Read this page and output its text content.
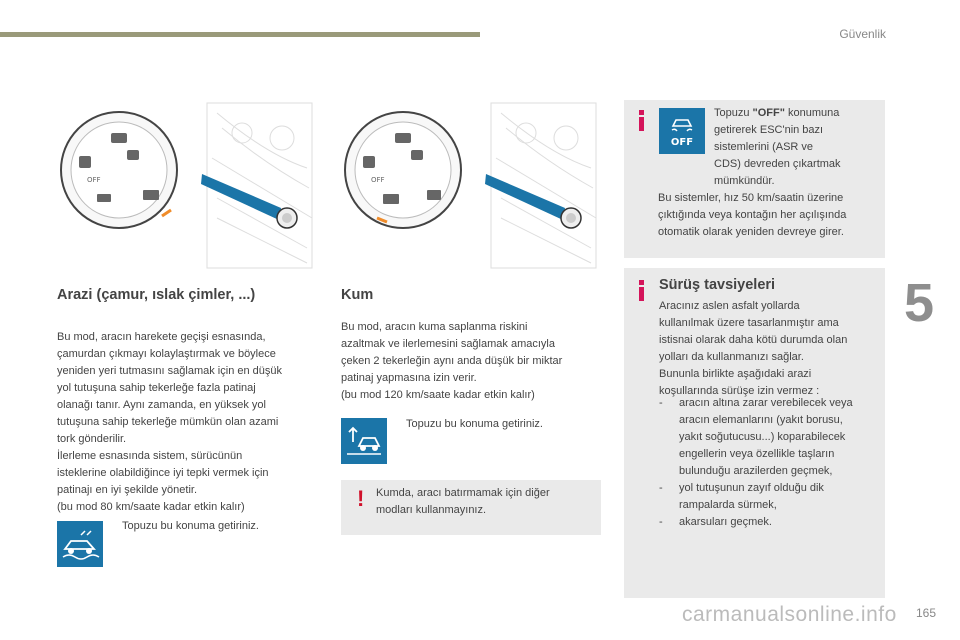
Güvenlik
5
165
carmanualsonline.info
OFF	OFF
Arazi (çamur, ıslak çimler, ...)
Bu mod, aracın harekete geçişi esnasında,
çamurdan çıkmayı kolaylaştırmak ve böylece
yeniden yeri tutmasını sağlamak için en düşük
yol tutuşuna sahip tekerleğe fazla patinaj
olanağı tanır. Aynı zamanda, en yüksek yol
tutuşuna sahip tekerleğe mümkün olan azami
tork gönderilir.
İlerleme esnasında sistem, sürücünün
isteklerine olabildiğince iyi tepki vermek için
patinajı en iyi şekilde yönetir.
(bu mod 80 km/saate kadar etkin kalır)
Topuzu bu konuma getiriniz.
Kum
Bu mod, aracın kuma saplanma riskini
azaltmak ve ilerlemesini sağlamak amacıyla
çeken 2 tekerleğin aynı anda düşük bir miktar
patinaj yapmasına izin verir.
(bu mod 120 km/saate kadar etkin kalır)
Topuzu bu konuma getiriniz.
! Kumda, aracı batırmamak için diğer
modları kullanmayınız.
Topuzu "OFF" konumuna
getirerek ESC'nin bazı
sistemlerini (ASR ve
CDS) devreden çıkartmak
mümkündür.
Bu sistemler, hız 50 km/saatin üzerine
çıktığında veya kontağın her açılışında
otomatik olarak yeniden devreye girer.
OFF
Sürüş tavsiyeleri
Aracınız aslen asfalt yollarda
kullanılmak üzere tasarlanmıştır ama
istisnai olarak daha kötü durumda olan
yolları da kullanmanızı sağlar.
Bununla birlikte aşağıdaki arazi
koşullarında sürüşe izin vermez :
- aracın altına zarar verebilecek veya
aracın elemanlarını (yakıt borusu,
yakıt soğutucusu...) koparabilecek
engellerin veya özellikle taşların
bulunduğu arazilerden geçmek,
- yol tutuşunun zayıf olduğu dik
rampalarda sürmek,
- akarsuları geçmek.
